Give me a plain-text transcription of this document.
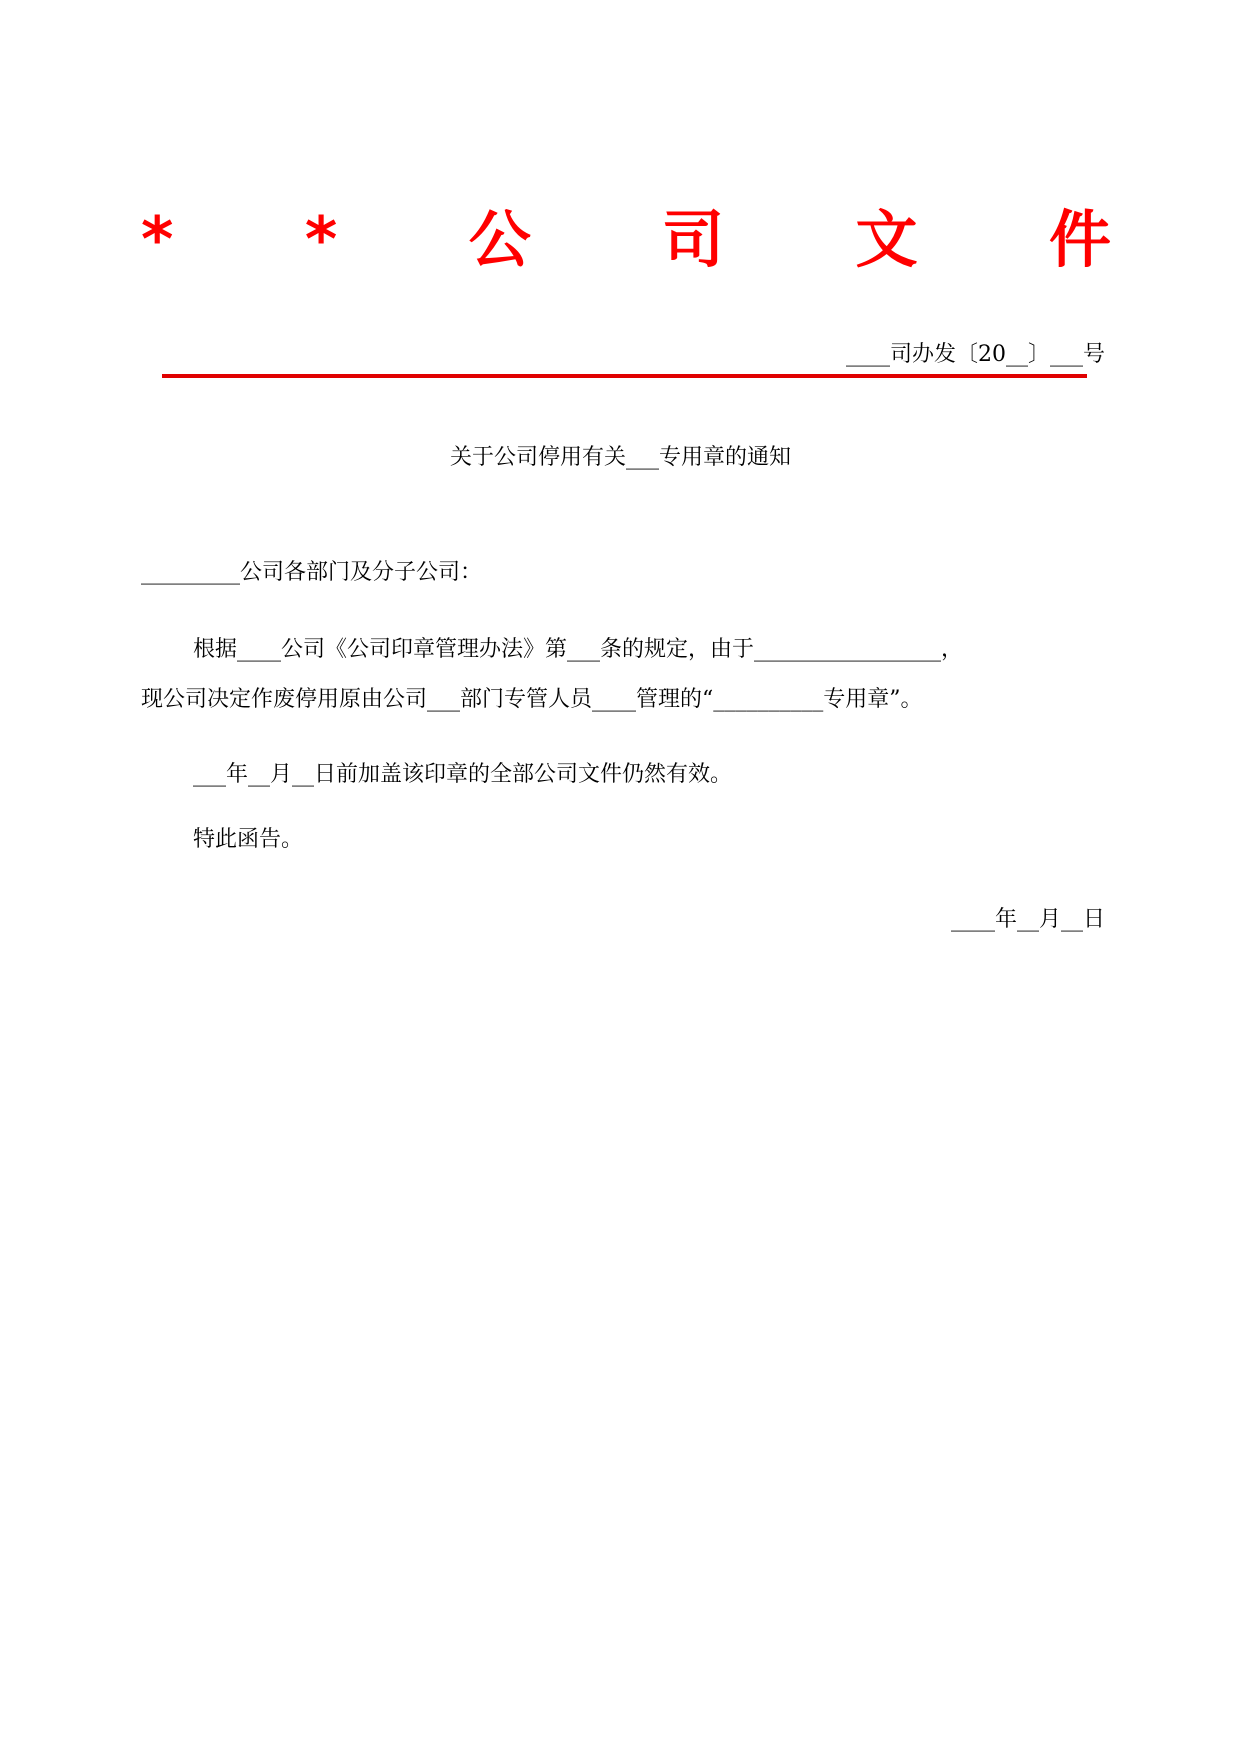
* * 公 司 文 件
____司办发〔20__〕___号
关于公司停用有关___专用章的通知
_________公司各部门及分子公司：
根据____公司《公司印章管理办法》第___条的规定，由于_________________，
现公司决定作废停用原由公司___部门专管人员____管理的“__________专用章”。
___年__月__日前加盖该印章的全部公司文件仍然有效。
特此函告。
____年__月__日
